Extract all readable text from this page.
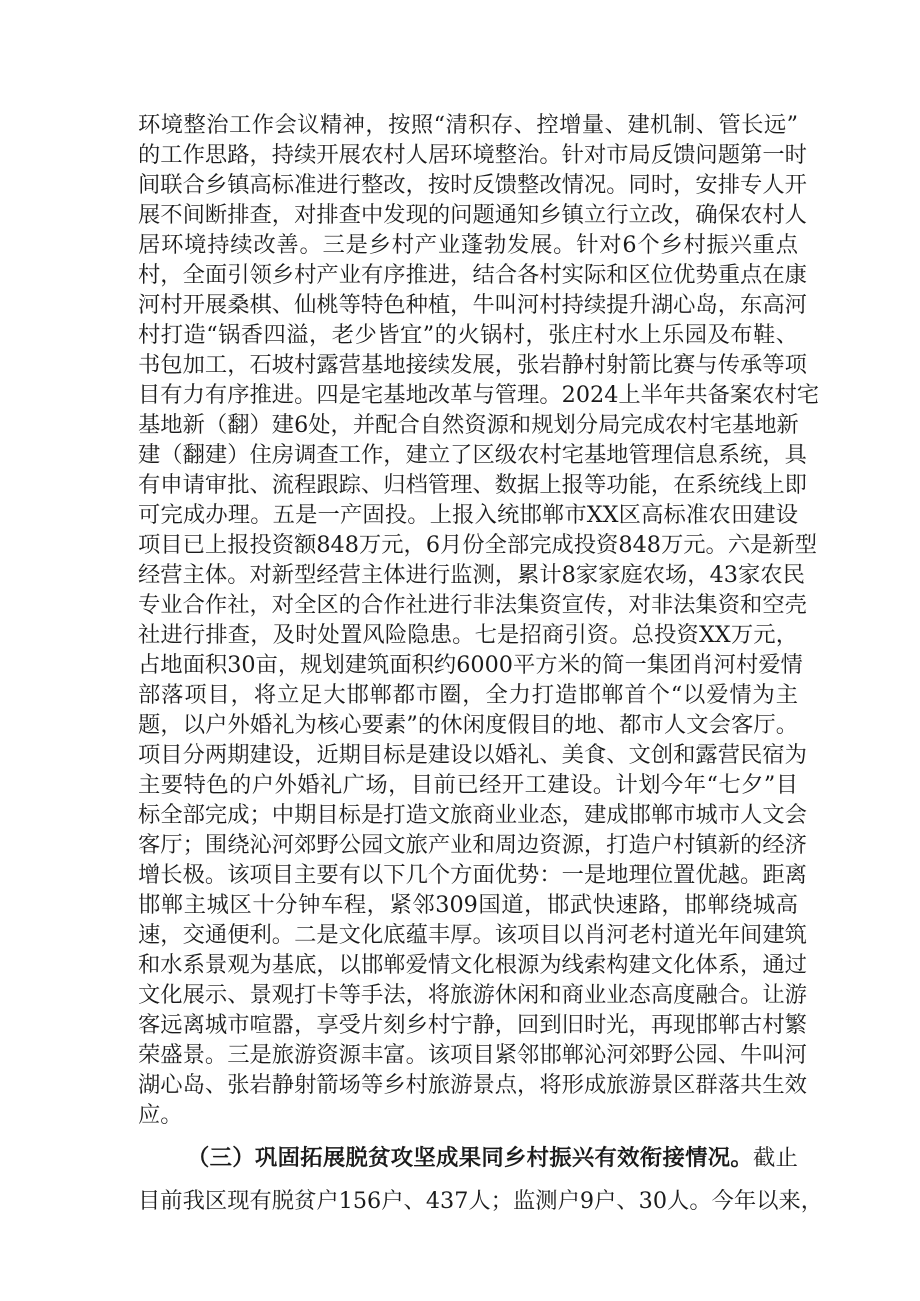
环境整治工作会议精神，按照“清积存、控增量、建机制、管长远”
的工作思路，持续开展农村人居环境整治。针对市局反馈问题第一时
间联合乡镇高标准进行整改，按时反馈整改情况。同时，安排专人开
展不间断排查，对排查中发现的问题通知乡镇立行立改，确保农村人
居环境持续改善。三是乡村产业蓬勃发展。针对6个乡村振兴重点
村，全面引领乡村产业有序推进，结合各村实际和区位优势重点在康
河村开展桑棋、仙桃等特色种植，牛叫河村持续提升湖心岛，东高河
村打造“锅香四溢，老少皆宜”的火锅村，张庄村水上乐园及布鞋、
书包加工，石坡村露营基地接续发展，张岩静村射箭比赛与传承等项
目有力有序推进。四是宅基地改革与管理。2024上半年共备案农村宅
基地新（翻）建6处，并配合自然资源和规划分局完成农村宅基地新
建（翻建）住房调查工作，建立了区级农村宅基地管理信息系统，具
有申请审批、流程跟踪、归档管理、数据上报等功能，在系统线上即
可完成办理。五是一产固投。上报入统邯郸市XX区高标准农田建设
项目已上报投资额848万元，6月份全部完成投资848万元。六是新型
经营主体。对新型经营主体进行监测，累计8家家庭农场，43家农民
专业合作社，对全区的合作社进行非法集资宣传，对非法集资和空壳
社进行排查，及时处置风险隐患。七是招商引资。总投资XX万元，
占地面积30亩，规划建筑面积约6000平方米的简一集团肖河村爱情
部落项目，将立足大邯郸都市圈，全力打造邯郸首个“以爱情为主
题，以户外婚礼为核心要素”的休闲度假目的地、都市人文会客厅。
项目分两期建设，近期目标是建设以婚礼、美食、文创和露营民宿为
主要特色的户外婚礼广场，目前已经开工建设。计划今年“七夕”目
标全部完成；中期目标是打造文旅商业业态，建成邯郸市城市人文会
客厅；围绕沁河郊野公园文旅产业和周边资源，打造户村镇新的经济
增长极。该项目主要有以下几个方面优势：一是地理位置优越。距离
邯郸主城区十分钟车程，紧邻309国道，邯武快速路，邯郸绕城高
速，交通便利。二是文化底蕴丰厚。该项目以肖河老村道光年间建筑
和水系景观为基底，以邯郸爱情文化根源为线索构建文化体系，通过
文化展示、景观打卡等手法，将旅游休闲和商业业态高度融合。让游
客远离城市喧嚣，享受片刻乡村宁静，回到旧时光，再现邯郸古村繁
荣盛景。三是旅游资源丰富。该项目紧邻邯郸沁河郊野公园、牛叫河
湖心岛、张岩静射箭场等乡村旅游景点，将形成旅游景区群落共生效
应。
（三）巩固拓展脱贫攻坚成果同乡村振兴有效衔接情况。截止
目前我区现有脱贫户156户、437人；监测户9户、30人。今年以来，
